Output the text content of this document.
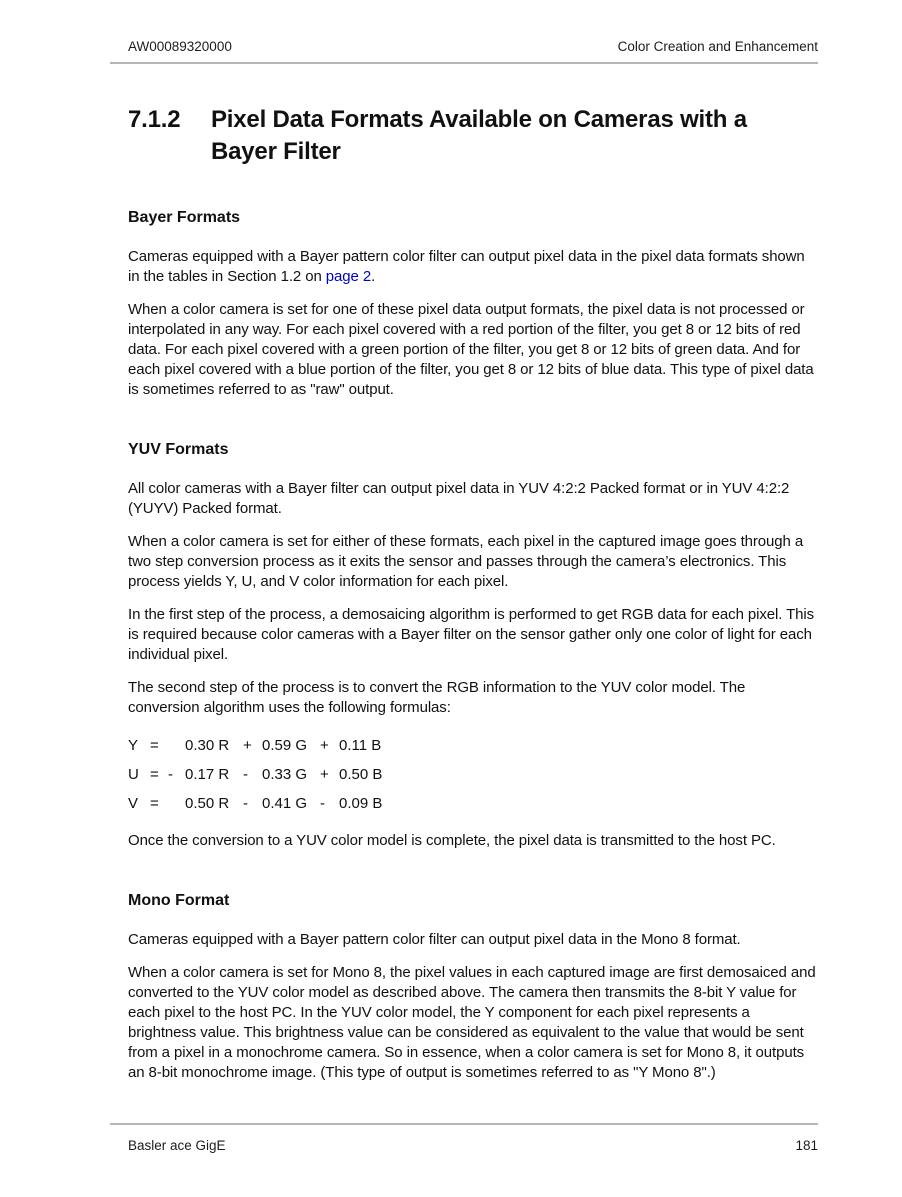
AW00089320000	Color Creation and Enhancement
7.1.2	Pixel Data Formats Available on Cameras with a
Bayer Filter
Bayer Formats

Cameras equipped with a Bayer pattern color filter can output pixel data in the pixel data formats shown in the tables in Section 1.2 on page 2.

When a color camera is set for one of these pixel data output formats, the pixel data is not processed or interpolated in any way. For each pixel covered with a red portion of the filter, you get 8 or 12 bits of red data. For each pixel covered with a green portion of the filter, you get 8 or 12 bits of green data. And for each pixel covered with a blue portion of the filter, you get 8 or 12 bits of blue data. This type of pixel data is sometimes referred to as "raw" output.

YUV Formats

All color cameras with a Bayer filter can output pixel data in YUV 4:2:2 Packed format or in YUV 4:2:2 (YUYV) Packed format.

When a color camera is set for either of these formats, each pixel in the captured image goes through a two step conversion process as it exits the sensor and passes through the camera’s electronics. This process yields Y, U, and V color information for each pixel.

In the first step of the process, a demosaicing algorithm is performed to get RGB data for each pixel. This is required because color cameras with a Bayer filter on the sensor gather only one color of light for each individual pixel.

The second step of the process is to convert the RGB information to the YUV color model. The conversion algorithm uses the following formulas:

Y =	0.30 R + 0.59 G + 0.11 B
U = - 0.17 R - 0.33 G + 0.50 B
V =	0.50 R - 0.41 G - 0.09 B

Once the conversion to a YUV color model is complete, the pixel data is transmitted to the host PC.

Mono Format

Cameras equipped with a Bayer pattern color filter can output pixel data in the Mono 8 format.

When a color camera is set for Mono 8, the pixel values in each captured image are first demosaiced and converted to the YUV color model as described above. The camera then transmits the 8-bit Y value for each pixel to the host PC. In the YUV color model, the Y component for each pixel represents a brightness value. This brightness value can be considered as equivalent to the value that would be sent from a pixel in a monochrome camera. So in essence, when a color camera is set for Mono 8, it outputs an 8-bit monochrome image. (This type of output is sometimes referred to as "Y Mono 8".)

Basler ace GigE	181
